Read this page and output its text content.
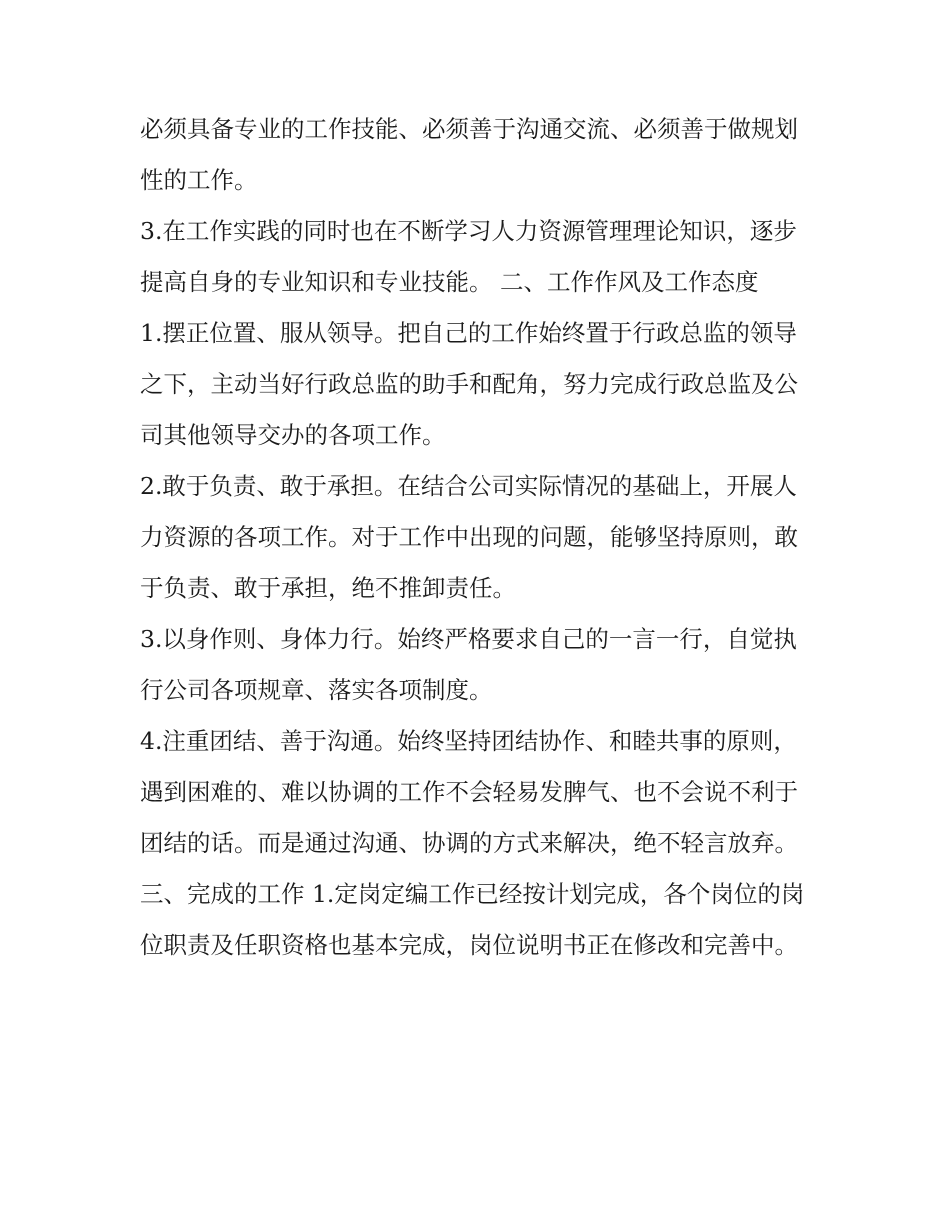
必须具备专业的工作技能、必须善于沟通交流、必须善于做规划性的工作。

3.在工作实践的同时也在不断学习人力资源管理理论知识，逐步提高自身的专业知识和专业技能。 二、工作作风及工作态度

1.摆正位置、服从领导。把自己的工作始终置于行政总监的领导之下，主动当好行政总监的助手和配角，努力完成行政总监及公司其他领导交办的各项工作。

2.敢于负责、敢于承担。在结合公司实际情况的基础上，开展人力资源的各项工作。对于工作中出现的问题，能够坚持原则，敢于负责、敢于承担，绝不推卸责任。

3.以身作则、身体力行。始终严格要求自己的一言一行，自觉执行公司各项规章、落实各项制度。

4.注重团结、善于沟通。始终坚持团结协作、和睦共事的原则，遇到困难的、难以协调的工作不会轻易发脾气、也不会说不利于团结的话。而是通过沟通、协调的方式来解决，绝不轻言放弃。

三、完成的工作 1.定岗定编工作已经按计划完成，各个岗位的岗位职责及任职资格也基本完成，岗位说明书正在修改和完善中。
